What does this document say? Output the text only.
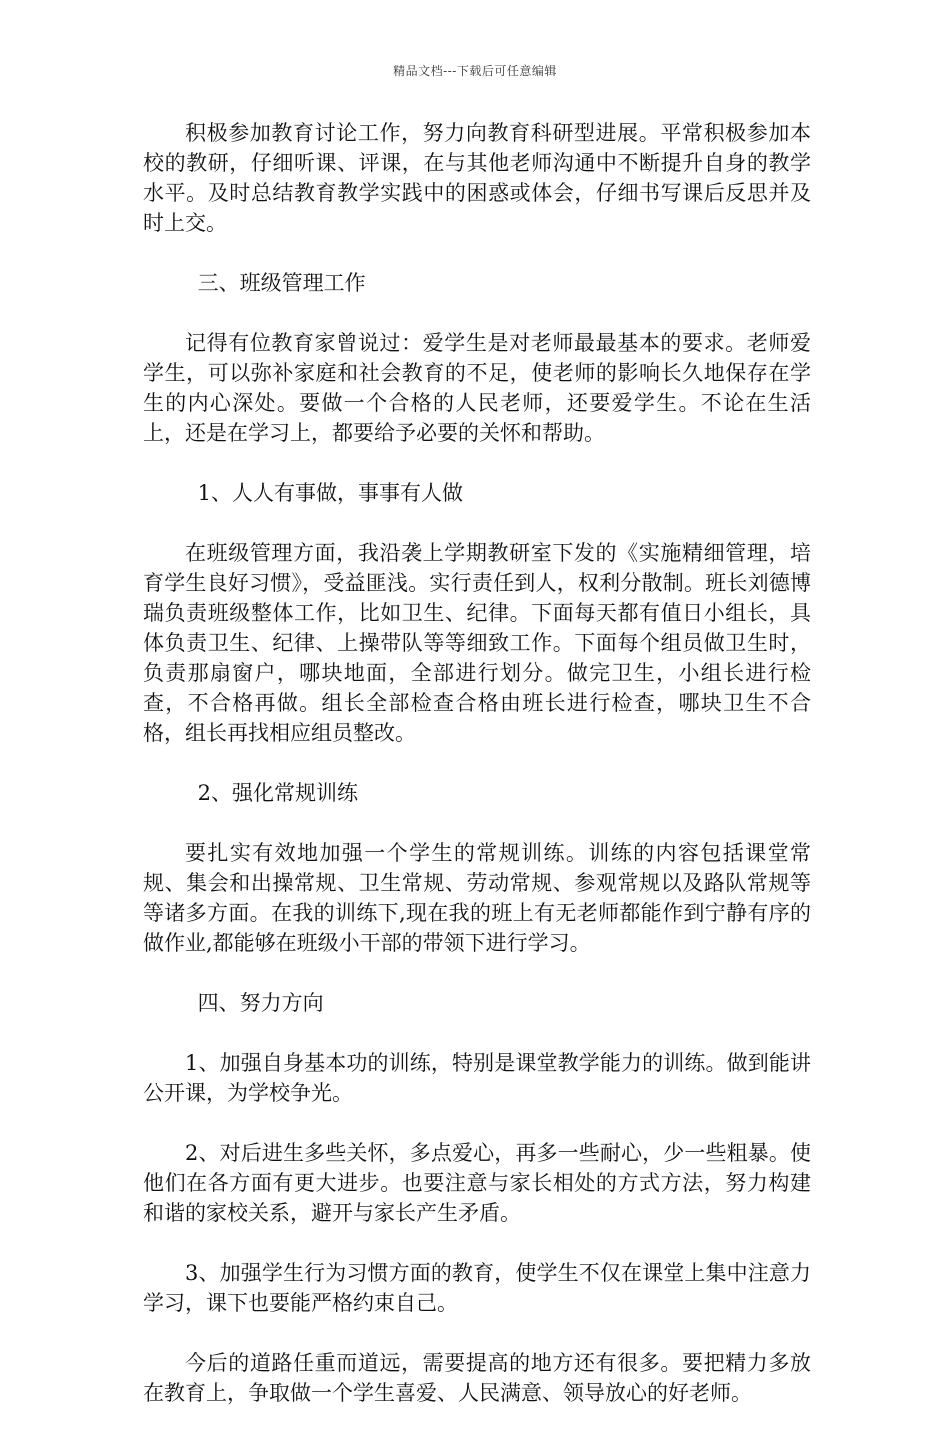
精品文档---下载后可任意编辑

积极参加教育讨论工作，努力向教育科研型进展。平常积极参加本校的教研，仔细听课、评课，在与其他老师沟通中不断提升自身的教学水平。及时总结教育教学实践中的困惑或体会，仔细书写课后反思并及时上交。

三、班级管理工作

记得有位教育家曾说过：爱学生是对老师最最基本的要求。老师爱学生，可以弥补家庭和社会教育的不足，使老师的影响长久地保存在学生的内心深处。要做一个合格的人民老师，还要爱学生。不论在生活上，还是在学习上，都要给予必要的关怀和帮助。

1、人人有事做，事事有人做

在班级管理方面，我沿袭上学期教研室下发的《实施精细管理，培育学生良好习惯》，受益匪浅。实行责任到人，权利分散制。班长刘德博瑞负责班级整体工作，比如卫生、纪律。下面每天都有值日小组长，具体负责卫生、纪律、上操带队等等细致工作。下面每个组员做卫生时，负责那扇窗户，哪块地面，全部进行划分。做完卫生，小组长进行检查，不合格再做。组长全部检查合格由班长进行检查，哪块卫生不合格，组长再找相应组员整改。

2、强化常规训练

要扎实有效地加强一个学生的常规训练。训练的内容包括课堂常规、集会和出操常规、卫生常规、劳动常规、参观常规以及路队常规等等诸多方面。在我的训练下,现在我的班上有无老师都能作到宁静有序的做作业,都能够在班级小干部的带领下进行学习。

四、努力方向

1、加强自身基本功的训练，特别是课堂教学能力的训练。做到能讲公开课，为学校争光。

2、对后进生多些关怀，多点爱心，再多一些耐心，少一些粗暴。使他们在各方面有更大进步。也要注意与家长相处的方式方法，努力构建和谐的家校关系，避开与家长产生矛盾。

3、加强学生行为习惯方面的教育，使学生不仅在课堂上集中注意力学习，课下也要能严格约束自己。

今后的道路任重而道远，需要提高的地方还有很多。要把精力多放在教育上，争取做一个学生喜爱、人民满意、领导放心的好老师。
